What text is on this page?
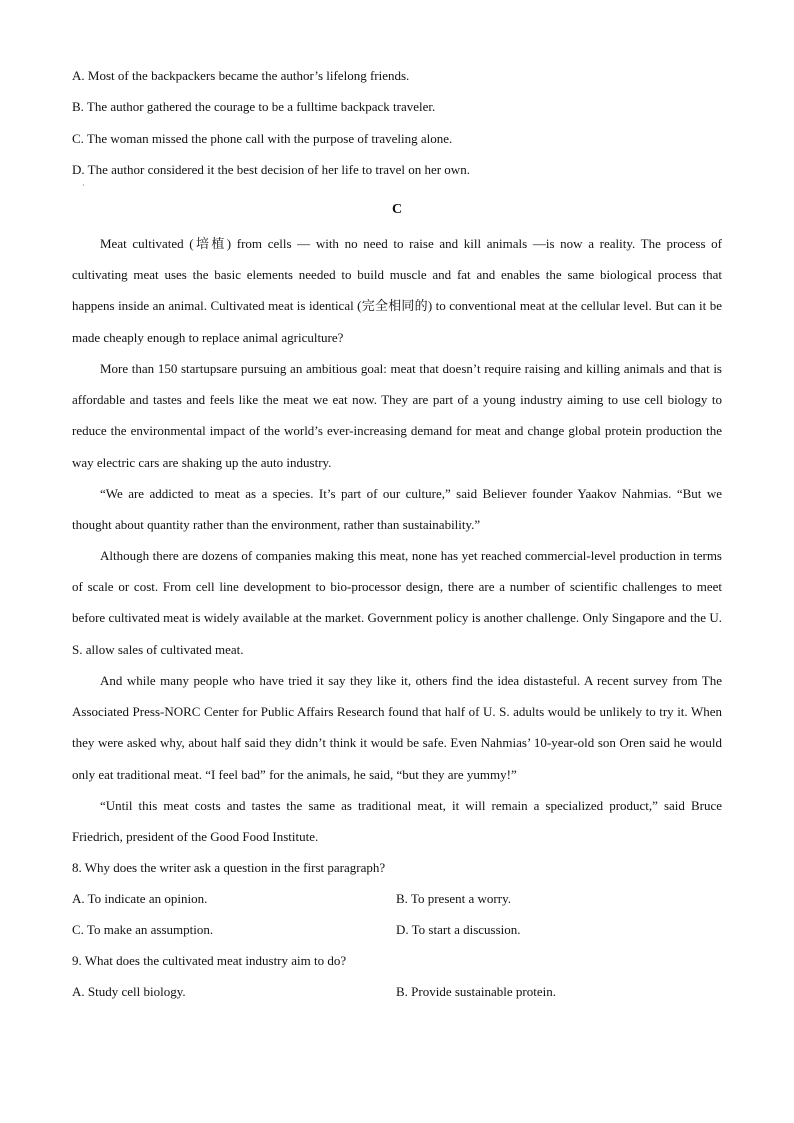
A. Most of the backpackers became the author’s lifelong friends.
B. The author gathered the courage to be a fulltime backpack traveler.
C. The woman missed the phone call with the purpose of traveling alone.
D. The author considered it the best decision of her life to travel on her own.
·
C
Meat cultivated (培植) from cells — with no need to raise and kill animals —is now a reality. The process of cultivating meat uses the basic elements needed to build muscle and fat and enables the same biological process that happens inside an animal. Cultivated meat is identical (完全相同的) to conventional meat at the cellular level. But can it be made cheaply enough to replace animal agriculture?
More than 150 startupsare pursuing an ambitious goal: meat that doesn’t require raising and killing animals and that is affordable and tastes and feels like the meat we eat now. They are part of a young industry aiming to use cell biology to reduce the environmental impact of the world’s ever-increasing demand for meat and change global protein production the way electric cars are shaking up the auto industry.
“We are addicted to meat as a species. It’s part of our culture,” said Believer founder Yaakov Nahmias. “But we thought about quantity rather than the environment, rather than sustainability.”
Although there are dozens of companies making this meat, none has yet reached commercial-level production in terms of scale or cost. From cell line development to bio-processor design, there are a number of scientific challenges to meet before cultivated meat is widely available at the market. Government policy is another challenge. Only Singapore and the U. S. allow sales of cultivated meat.
And while many people who have tried it say they like it, others find the idea distasteful. A recent survey from The Associated Press-NORC Center for Public Affairs Research found that half of U. S. adults would be unlikely to try it. When they were asked why, about half said they didn’t think it would be safe. Even Nahmias’ 10-year-old son Oren said he would only eat traditional meat. “I feel bad” for the animals, he said, “but they are yummy!”
“Until this meat costs and tastes the same as traditional meat, it will remain a specialized product,” said Bruce Friedrich, president of the Good Food Institute.
8. Why does the writer ask a question in the first paragraph?
A. To indicate an opinion.	B. To present a worry.
C. To make an assumption.	D. To start a discussion.
9. What does the cultivated meat industry aim to do?
A. Study cell biology.	B. Provide sustainable protein.
